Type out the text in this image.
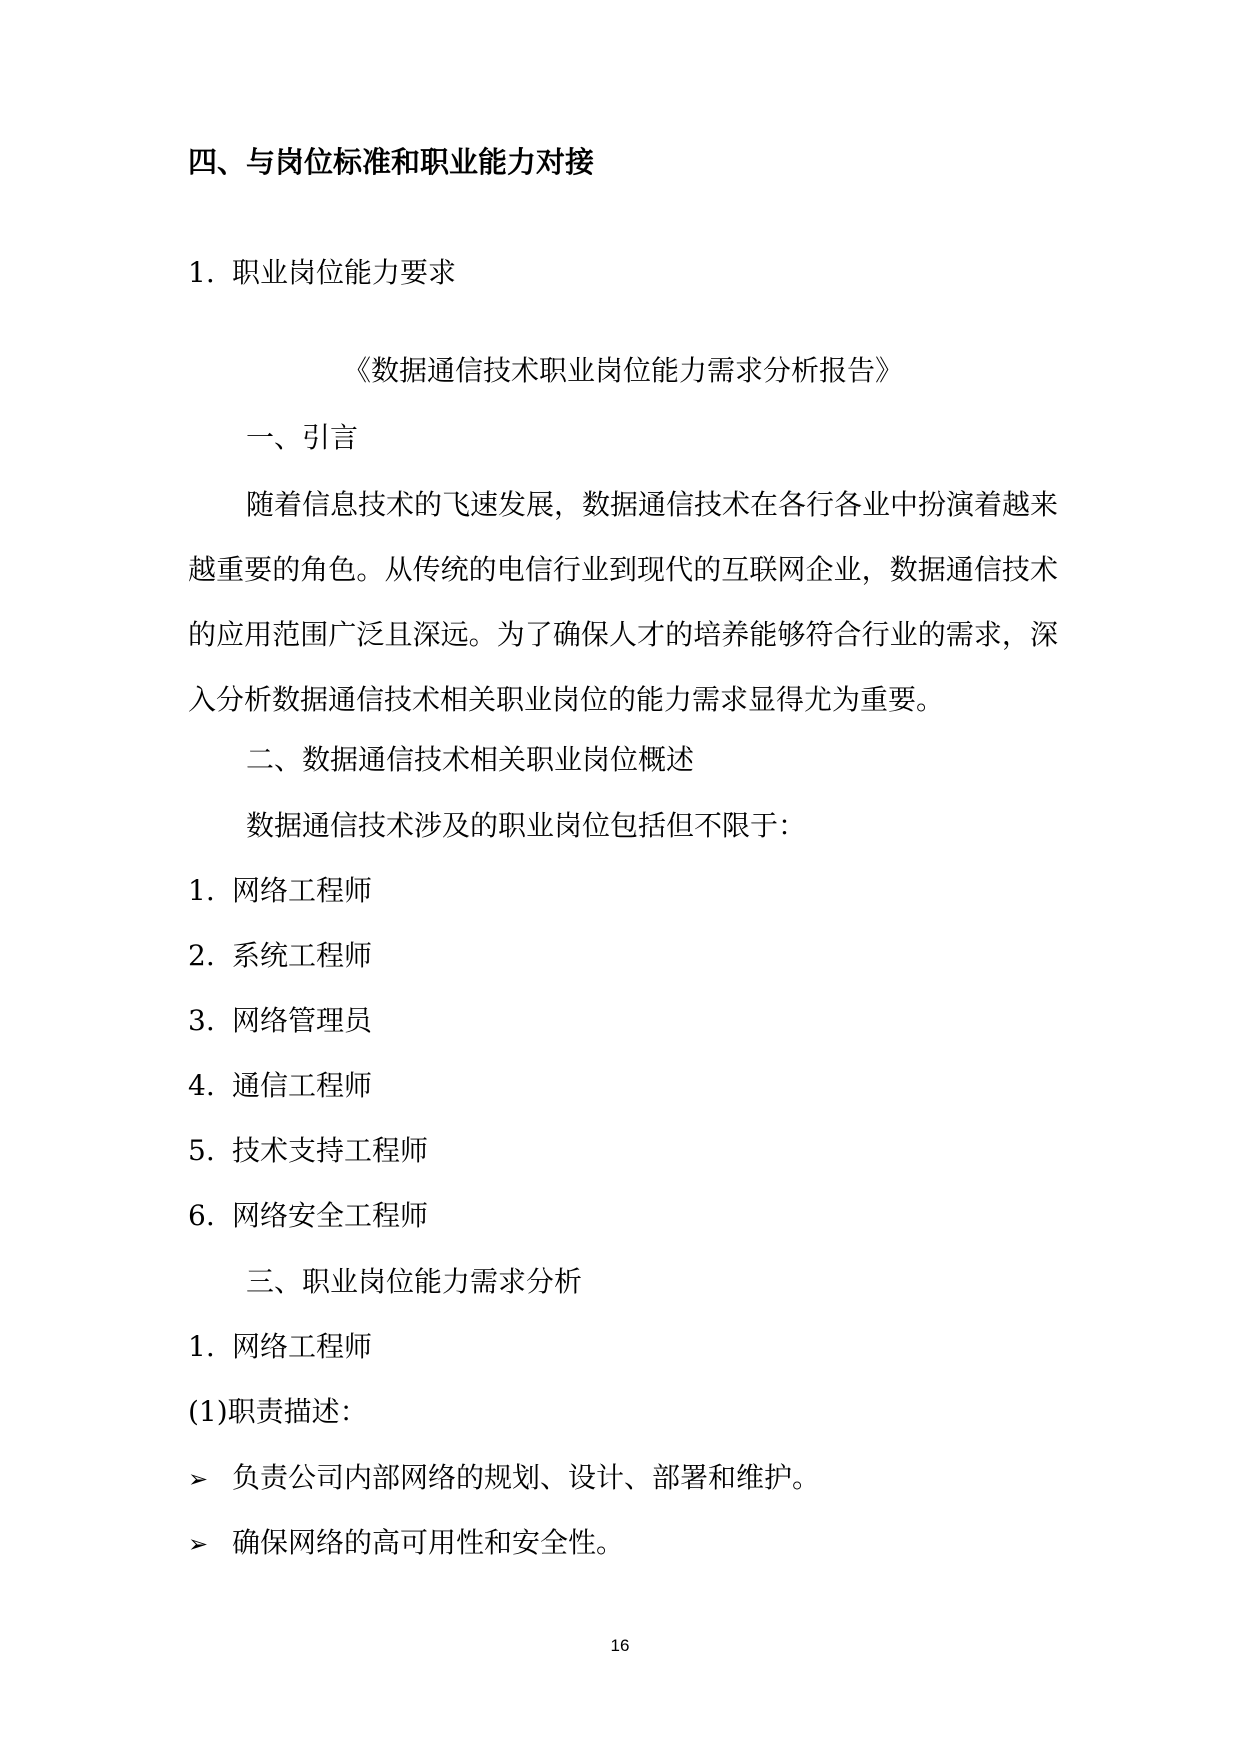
四、与岗位标准和职业能力对接
1. 职业岗位能力要求
《数据通信技术职业岗位能力需求分析报告》
一、引言

随着信息技术的飞速发展，数据通信技术在各行各业中扮演着越来越重要的角色。从传统的电信行业到现代的互联网企业，数据通信技术的应用范围广泛且深远。为了确保人才的培养能够符合行业的需求，深入分析数据通信技术相关职业岗位的能力需求显得尤为重要。

二、数据通信技术相关职业岗位概述
数据通信技术涉及的职业岗位包括但不限于：
1. 网络工程师
2. 系统工程师
3. 网络管理员
4. 通信工程师
5. 技术支持工程师
6. 网络安全工程师
三、职业岗位能力需求分析
1. 网络工程师
(1)职责描述：
➢ 负责公司内部网络的规划、设计、部署和维护。
➢ 确保网络的高可用性和安全性。
16
